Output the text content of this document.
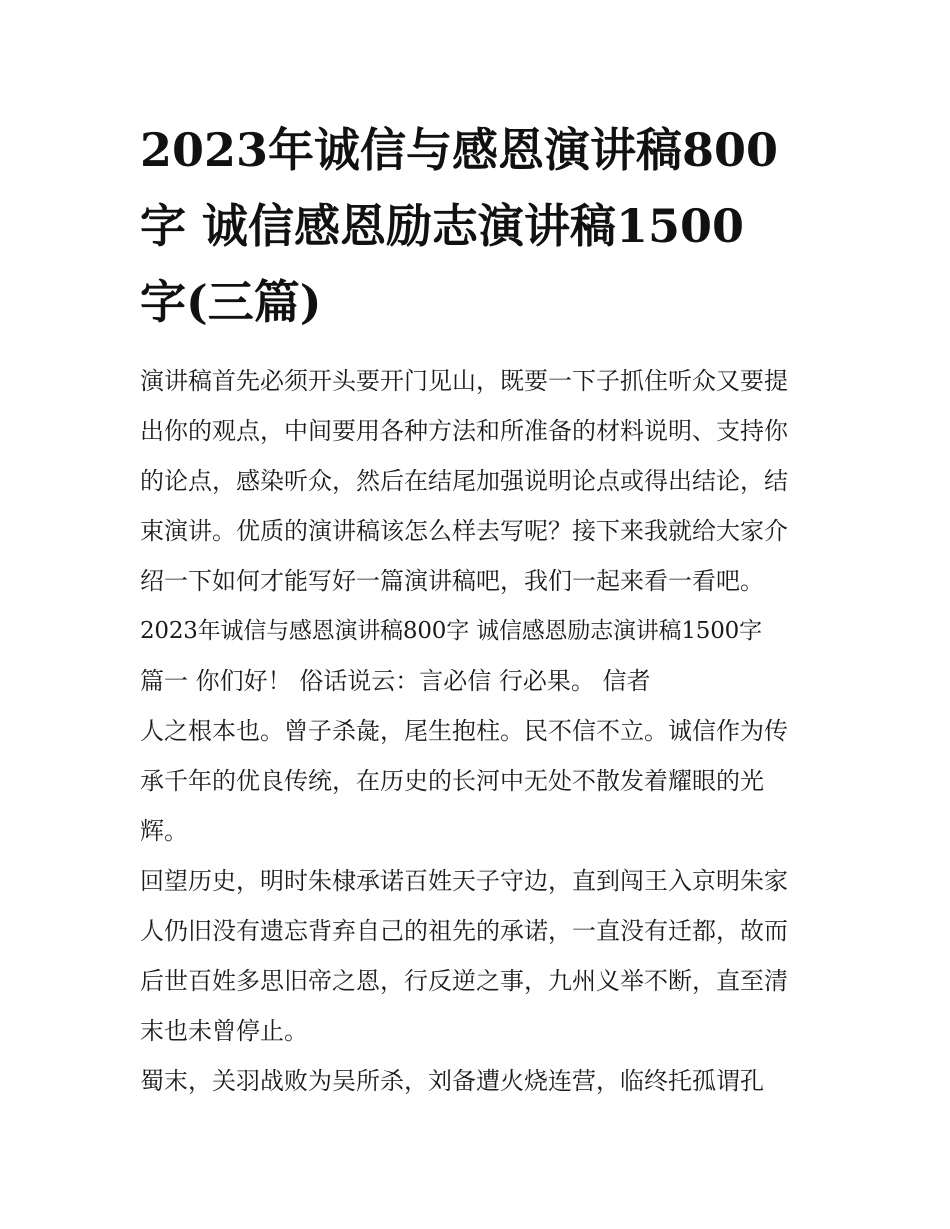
2023年诚信与感恩演讲稿800
字 诚信感恩励志演讲稿1500
字(三篇)
演讲稿首先必须开头要开门见山，既要一下子抓住听众又要提
出你的观点，中间要用各种方法和所准备的材料说明、支持你
的论点，感染听众，然后在结尾加强说明论点或得出结论，结
束演讲。优质的演讲稿该怎么样去写呢？接下来我就给大家介
绍一下如何才能写好一篇演讲稿吧，我们一起来看一看吧。
2023年诚信与感恩演讲稿800字 诚信感恩励志演讲稿1500字
篇一 你们好！ 俗话说云：言必信 行必果。 信者
人之根本也。曾子杀彘，尾生抱柱。民不信不立。诚信作为传
承千年的优良传统，在历史的长河中无处不散发着耀眼的光
辉。
回望历史，明时朱棣承诺百姓天子守边，直到闯王入京明朱家
人仍旧没有遗忘背弃自己的祖先的承诺，一直没有迁都，故而
后世百姓多思旧帝之恩，行反逆之事，九州义举不断，直至清
末也未曾停止。
蜀末，关羽战败为吴所杀，刘备遭火烧连营，临终托孤谓孔
